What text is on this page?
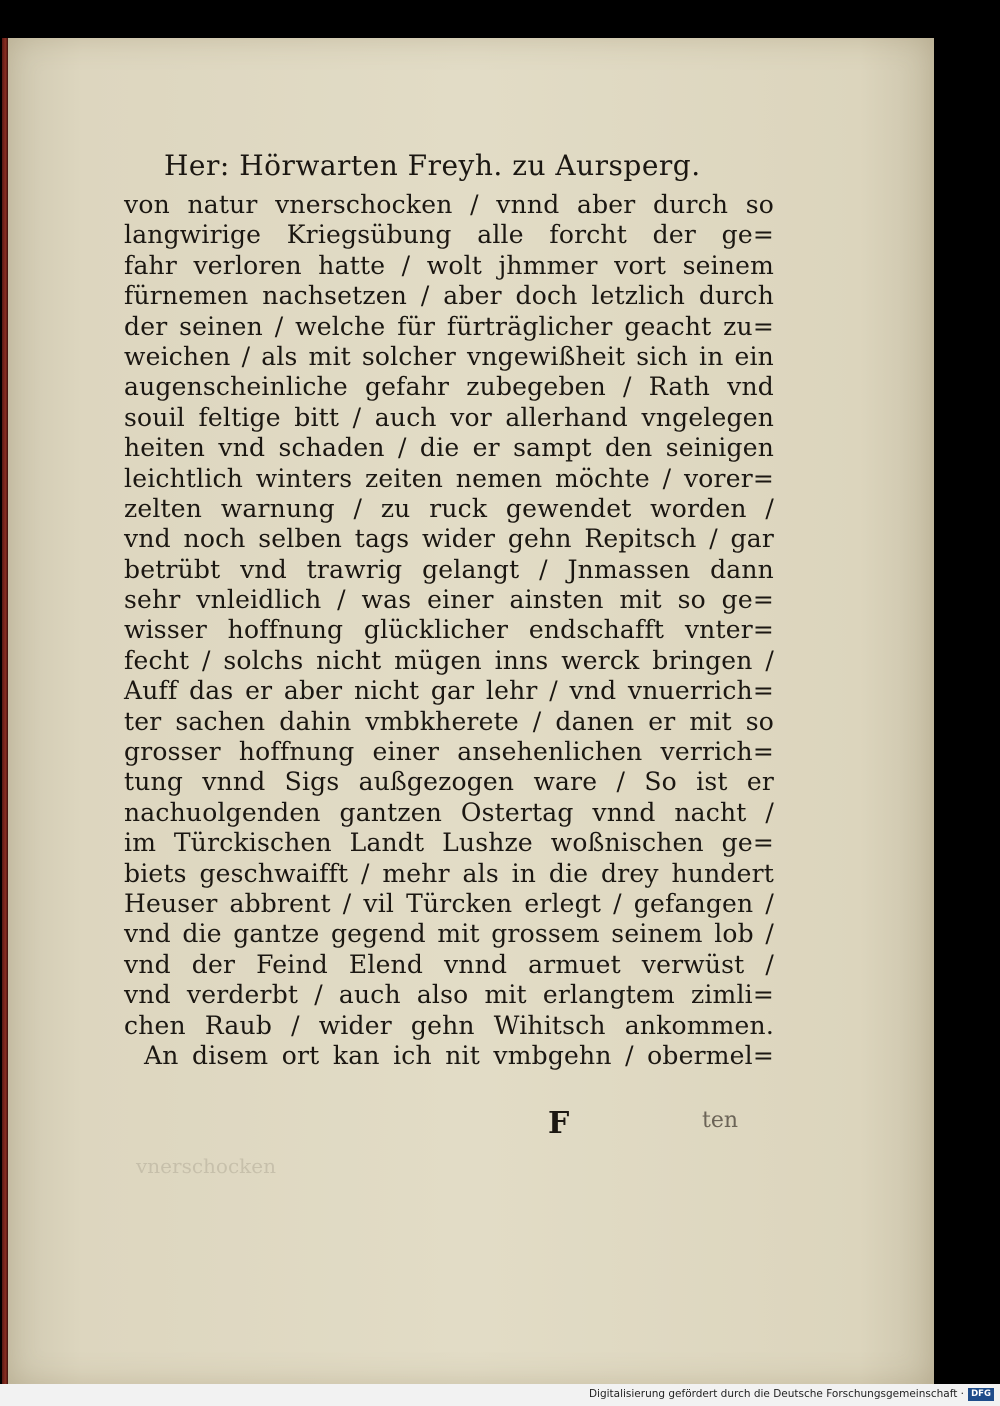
Her: Hörwarten Freyh. zu Aursperg.
von natur vnerschocken / vnnd aber durch so
langwirige Kriegsübung alle forcht der ge=
fahr verloren hatte / wolt jhmmer vort seinem
fürnemen nachsetzen / aber doch letzlich durch
der seinen / welche für fürträglicher geacht zu=
weichen / als mit solcher vngewißheit sich in ein
augenscheinliche gefahr zubegeben / Rath vnd
souil feltige bitt / auch vor allerhand vngelegen
heiten vnd schaden / die er sampt den seinigen
leichtlich winters zeiten nemen möchte / vorer=
zelten warnung / zu ruck gewendet worden /
vnd noch selben tags wider gehn Repitsch / gar
betrübt vnd trawrig gelangt / Jnmassen dann
sehr vnleidlich / was einer ainsten mit so ge=
wisser hoffnung glücklicher endschafft vnter=
fecht / solchs nicht mügen inns werck bringen /
Auff das er aber nicht gar lehr / vnd vnuerrich=
ter sachen dahin vmbkherete / danen er mit so
grosser hoffnung einer ansehenlichen verrich=
tung vnnd Sigs außgezogen ware / So ist er
nachuolgenden gantzen Ostertag vnnd nacht /
im Türckischen Landt Lushze woßnischen ge=
biets geschwaifft / mehr als in die drey hundert
Heuser abbrent / vil Türcken erlegt / gefangen /
vnd die gantze gegend mit grossem seinem lob /
vnd der Feind Elend vnnd armuet verwüst /
vnd verderbt / auch also mit erlangtem zimli=
chen Raub / wider gehn Wihitsch ankommen.
An disem ort kan ich nit vmbgehn / obermel=
vnerschocken
F	ten
Digitalisierung gefördert durch die Deutsche Forschungsgemeinschaft · DFG
